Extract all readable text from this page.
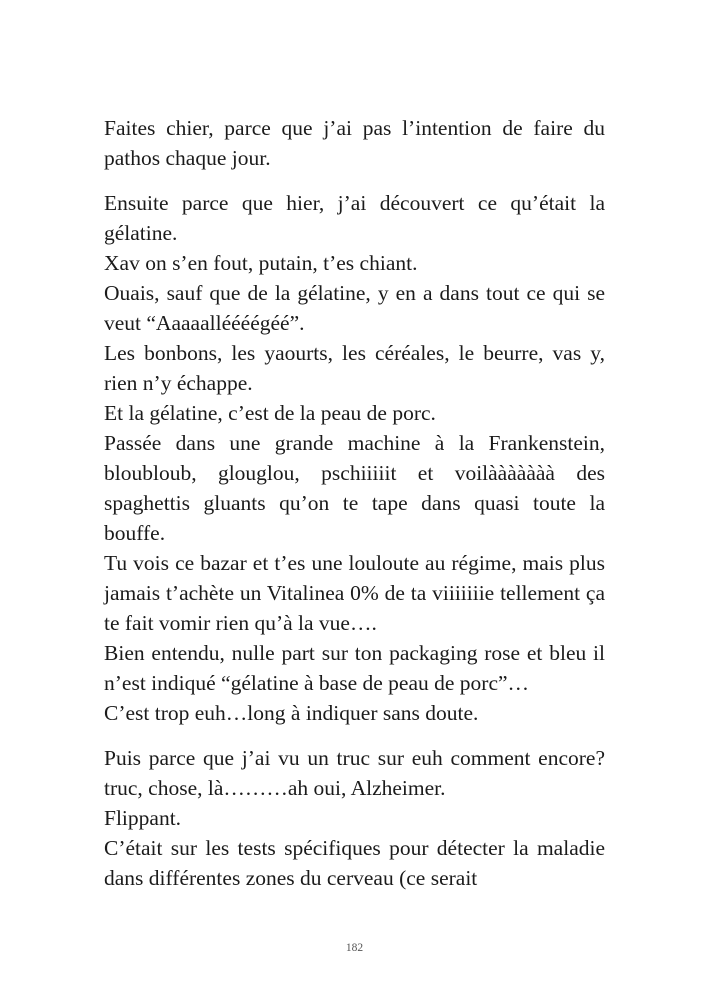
Faites chier, parce que j’ai pas l’intention de faire du pathos chaque jour.
Ensuite parce que hier, j’ai découvert ce qu’était la gélatine.
Xav on s’en fout, putain, t’es chiant.
Ouais, sauf que de la gélatine, y en a dans tout ce qui se veut “Aaaaalléééégéé”.
Les bonbons, les yaourts, les céréales, le beurre, vas y, rien n’y échappe.
Et la gélatine, c’est de la peau de porc.
Passée dans une grande machine à la Frankenstein, bloubloub, glouglou, pschiiiiit et voilààààààà des spaghettis gluants qu’on te tape dans quasi toute la bouffe.
Tu vois ce bazar et t’es une louloute au régime, mais plus jamais t’achète un Vitalinea 0% de ta viiiiiiie tellement ça te fait vomir rien qu’à la vue….
Bien entendu, nulle part sur ton packaging rose et bleu il n’est indiqué “gélatine à base de peau de porc”…
C’est trop euh…long à indiquer sans doute.
Puis parce que j’ai vu un truc sur euh comment encore? truc, chose, là………ah oui, Alzheimer.
Flippant.
C’était sur les tests spécifiques pour détecter la maladie dans différentes zones du cerveau (ce serait
182
